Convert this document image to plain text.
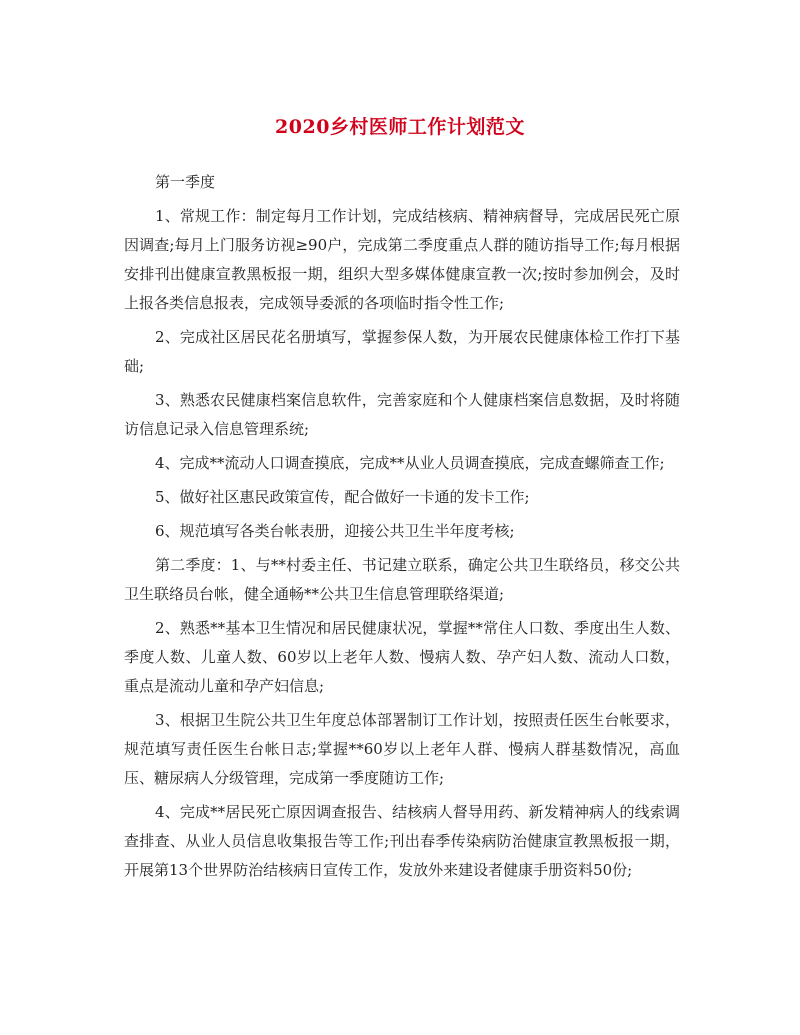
2020乡村医师工作计划范文

第一季度

1、常规工作：制定每月工作计划，完成结核病、精神病督导，完成居民死亡原因调查;每月上门服务访视≥90户，完成第二季度重点人群的随访指导工作;每月根据安排刊出健康宣教黑板报一期，组织大型多媒体健康宣教一次;按时参加例会，及时上报各类信息报表，完成领导委派的各项临时指令性工作;

2、完成社区居民花名册填写，掌握参保人数，为开展农民健康体检工作打下基础;

3、熟悉农民健康档案信息软件，完善家庭和个人健康档案信息数据，及时将随访信息记录入信息管理系统;

4、完成**流动人口调查摸底，完成**从业人员调查摸底，完成查螺筛查工作;

5、做好社区惠民政策宣传，配合做好一卡通的发卡工作;

6、规范填写各类台帐表册，迎接公共卫生半年度考核;

第二季度：1、与**村委主任、书记建立联系，确定公共卫生联络员，移交公共卫生联络员台帐，健全通畅**公共卫生信息管理联络渠道;

2、熟悉**基本卫生情况和居民健康状况，掌握**常住人口数、季度出生人数、季度人数、儿童人数、60岁以上老年人数、慢病人数、孕产妇人数、流动人口数，重点是流动儿童和孕产妇信息;

3、根据卫生院公共卫生年度总体部署制订工作计划，按照责任医生台帐要求，规范填写责任医生台帐日志;掌握**60岁以上老年人群、慢病人群基数情况，高血压、糖尿病人分级管理，完成第一季度随访工作;

4、完成**居民死亡原因调查报告、结核病人督导用药、新发精神病人的线索调查排查、从业人员信息收集报告等工作;刊出春季传染病防治健康宣教黑板报一期，开展第13个世界防治结核病日宣传工作，发放外来建设者健康手册资料50份;
